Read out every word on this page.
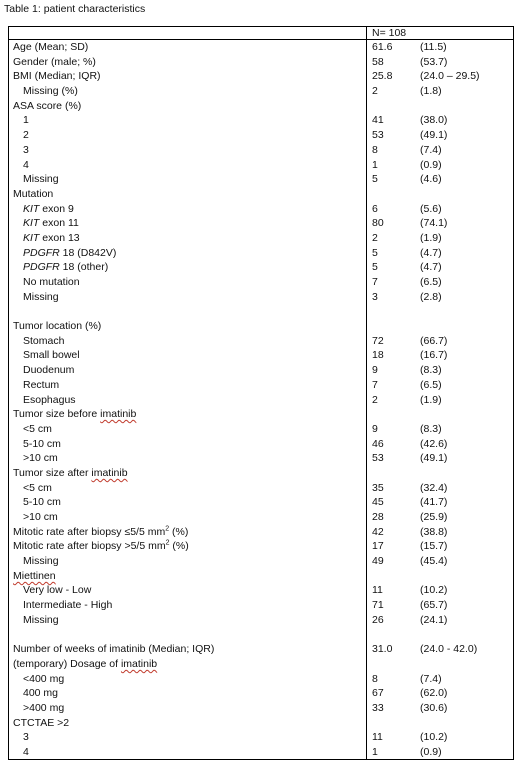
Table 1: patient characteristics
N= 108
Age (Mean; SD)	61.6	(11.5)
Gender (male; %)	58	(53.7)
BMI (Median; IQR)	25.8	(24.0 – 29.5)
Missing (%)	2	(1.8)
ASA score (%)
1	41	(38.0)
2	53	(49.1)
3	8	(7.4)
4	1	(0.9)
Missing	5	(4.6)
Mutation
KIT exon 9	6	(5.6)
KIT exon 11	80	(74.1)
KIT exon 13	2	(1.9)
PDGFR 18 (D842V)	5	(4.7)
PDGFR 18 (other)	5	(4.7)
No mutation	7	(6.5)
Missing	3	(2.8)
Tumor location (%)
Stomach	72	(66.7)
Small bowel	18	(16.7)
Duodenum	9	(8.3)
Rectum	7	(6.5)
Esophagus	2	(1.9)
Tumor size before imatinib
<5 cm	9	(8.3)
5-10 cm	46	(42.6)
>10 cm	53	(49.1)
Tumor size after imatinib
<5 cm	35	(32.4)
5-10 cm	45	(41.7)
>10 cm	28	(25.9)
Mitotic rate after biopsy ≤5/5 $mm^2$ (%)	42	(38.8)
Mitotic rate after biopsy >5/5 $mm^2$ (%)	17	(15.7)
Missing	49	(45.4)
Miettinen
Very low - Low	11	(10.2)
Intermediate - High	71	(65.7)
Missing	26	(24.1)
Number of weeks of imatinib (Median; IQR)	31.0	(24.0 - 42.0)
(temporary) Dosage of imatinib
<400 mg	8	(7.4)
400 mg	67	(62.0)
>400 mg	33	(30.6)
CTCTAE >2
3	11	(10.2)
4	1	(0.9)
